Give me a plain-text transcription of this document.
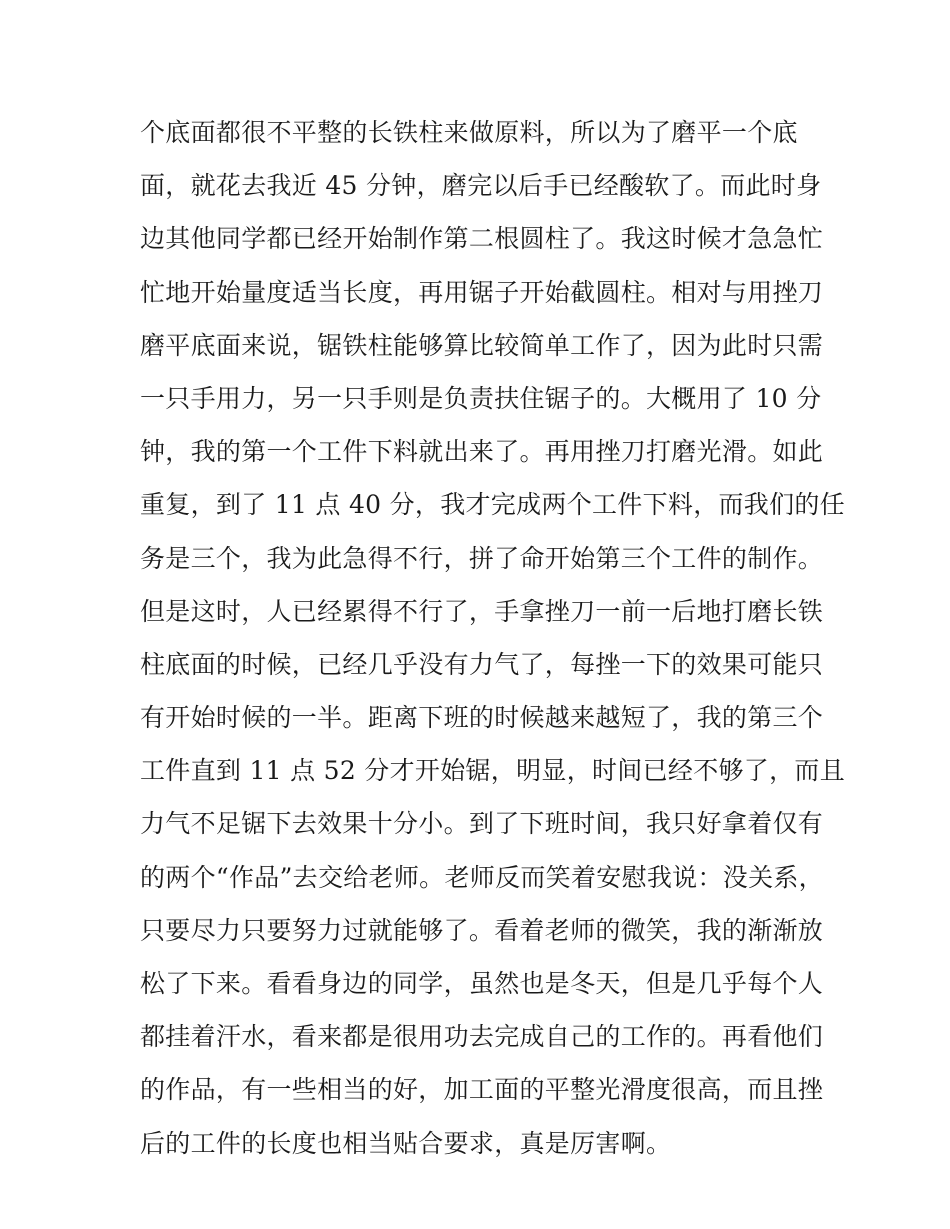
个底面都很不平整的长铁柱来做原料，所以为了磨平一个底
面，就花去我近 45 分钟，磨完以后手已经酸软了。而此时身
边其他同学都已经开始制作第二根圆柱了。我这时候才急急忙
忙地开始量度适当长度，再用锯子开始截圆柱。相对与用挫刀
磨平底面来说，锯铁柱能够算比较简单工作了，因为此时只需
一只手用力，另一只手则是负责扶住锯子的。大概用了 10 分
钟，我的第一个工件下料就出来了。再用挫刀打磨光滑。如此
重复，到了 11 点 40 分，我才完成两个工件下料，而我们的任
务是三个，我为此急得不行，拼了命开始第三个工件的制作。
但是这时，人已经累得不行了，手拿挫刀一前一后地打磨长铁
柱底面的时候，已经几乎没有力气了，每挫一下的效果可能只
有开始时候的一半。距离下班的时候越来越短了，我的第三个
工件直到 11 点 52 分才开始锯，明显，时间已经不够了，而且
力气不足锯下去效果十分小。到了下班时间，我只好拿着仅有
的两个“作品”去交给老师。老师反而笑着安慰我说：没关系，
只要尽力只要努力过就能够了。看着老师的微笑，我的渐渐放
松了下来。看看身边的同学，虽然也是冬天，但是几乎每个人
都挂着汗水，看来都是很用功去完成自己的工作的。再看他们
的作品，有一些相当的好，加工面的平整光滑度很高，而且挫
后的工件的长度也相当贴合要求，真是厉害啊。
